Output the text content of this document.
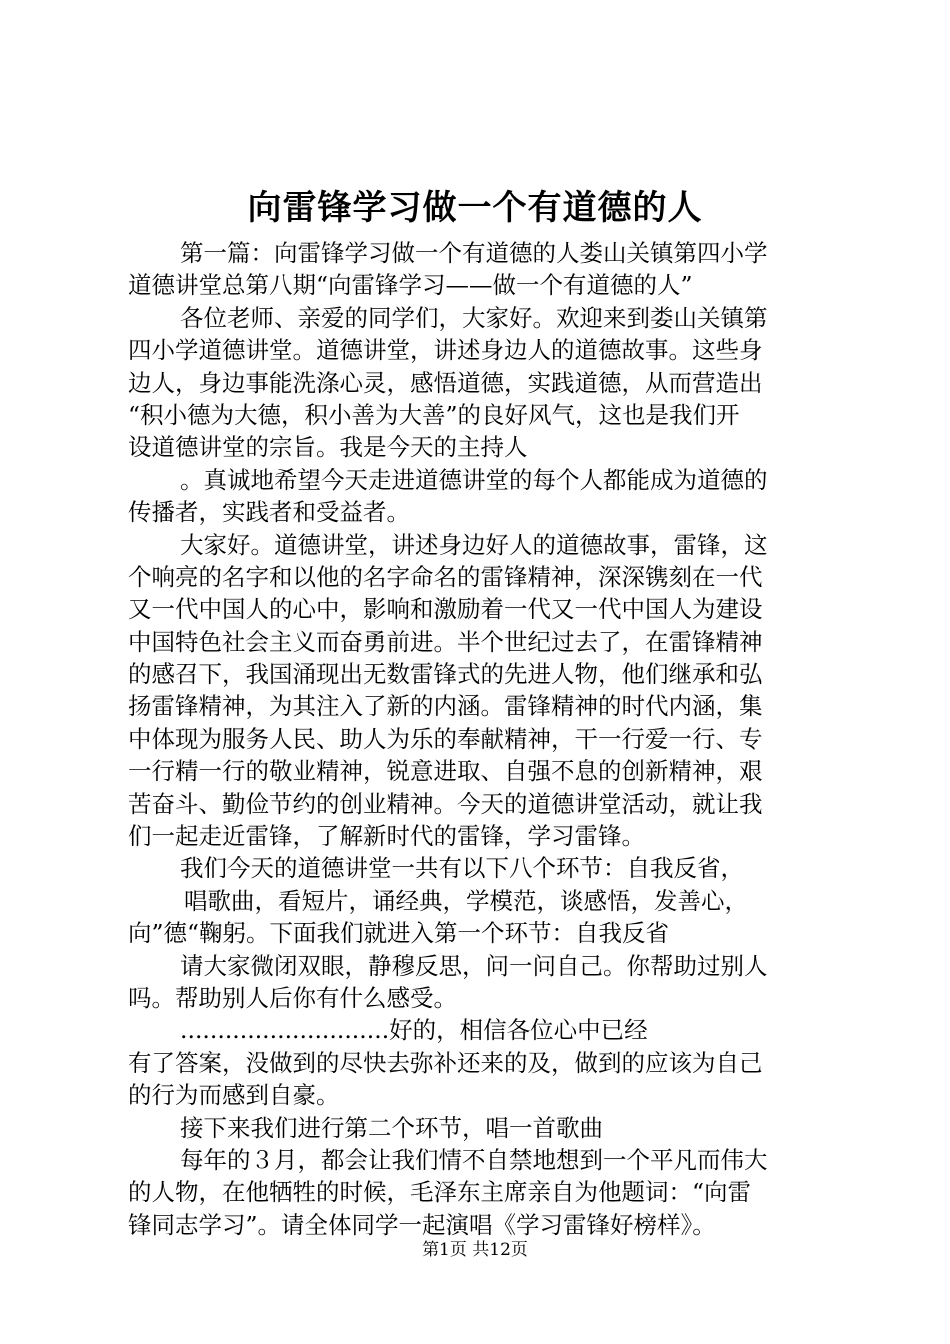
向雷锋学习做一个有道德的人
第一篇：向雷锋学习做一个有道德的人娄山关镇第四小学
道德讲堂总第八期“向雷锋学习——做一个有道德的人”
各位老师、亲爱的同学们，大家好。欢迎来到娄山关镇第
四小学道德讲堂。道德讲堂，讲述身边人的道德故事。这些身
边人，身边事能洗涤心灵，感悟道德，实践道德，从而营造出
“积小德为大德，积小善为大善”的良好风气，这也是我们开
设道德讲堂的宗旨。我是今天的主持人
。真诚地希望今天走进道德讲堂的每个人都能成为道德的
传播者，实践者和受益者。
大家好。道德讲堂，讲述身边好人的道德故事，雷锋，这
个响亮的名字和以他的名字命名的雷锋精神，深深镌刻在一代
又一代中国人的心中，影响和激励着一代又一代中国人为建设
中国特色社会主义而奋勇前进。半个世纪过去了，在雷锋精神
的感召下，我国涌现出无数雷锋式的先进人物，他们继承和弘
扬雷锋精神，为其注入了新的内涵。雷锋精神的时代内涵，集
中体现为服务人民、助人为乐的奉献精神，干一行爱一行、专
一行精一行的敬业精神，锐意进取、自强不息的创新精神，艰
苦奋斗、勤俭节约的创业精神。今天的道德讲堂活动，就让我
们一起走近雷锋，了解新时代的雷锋，学习雷锋。
我们今天的道德讲堂一共有以下八个环节：自我反省，
唱歌曲，看短片，诵经典，学模范，谈感悟，发善心，
向”德“鞠躬。下面我们就进入第一个环节：自我反省
请大家微闭双眼，静穆反思，问一问自己。你帮助过别人
吗。帮助别人后你有什么感受。
............................好的，相信各位心中已经
有了答案，没做到的尽快去弥补还来的及，做到的应该为自己
的行为而感到自豪。
接下来我们进行第二个环节，唱一首歌曲
每年的３月，都会让我们情不自禁地想到一个平凡而伟大
的人物，在他牺牲的时候，毛泽东主席亲自为他题词：“向雷
锋同志学习”。请全体同学一起演唱《学习雷锋好榜样》。
第1页 共12页
